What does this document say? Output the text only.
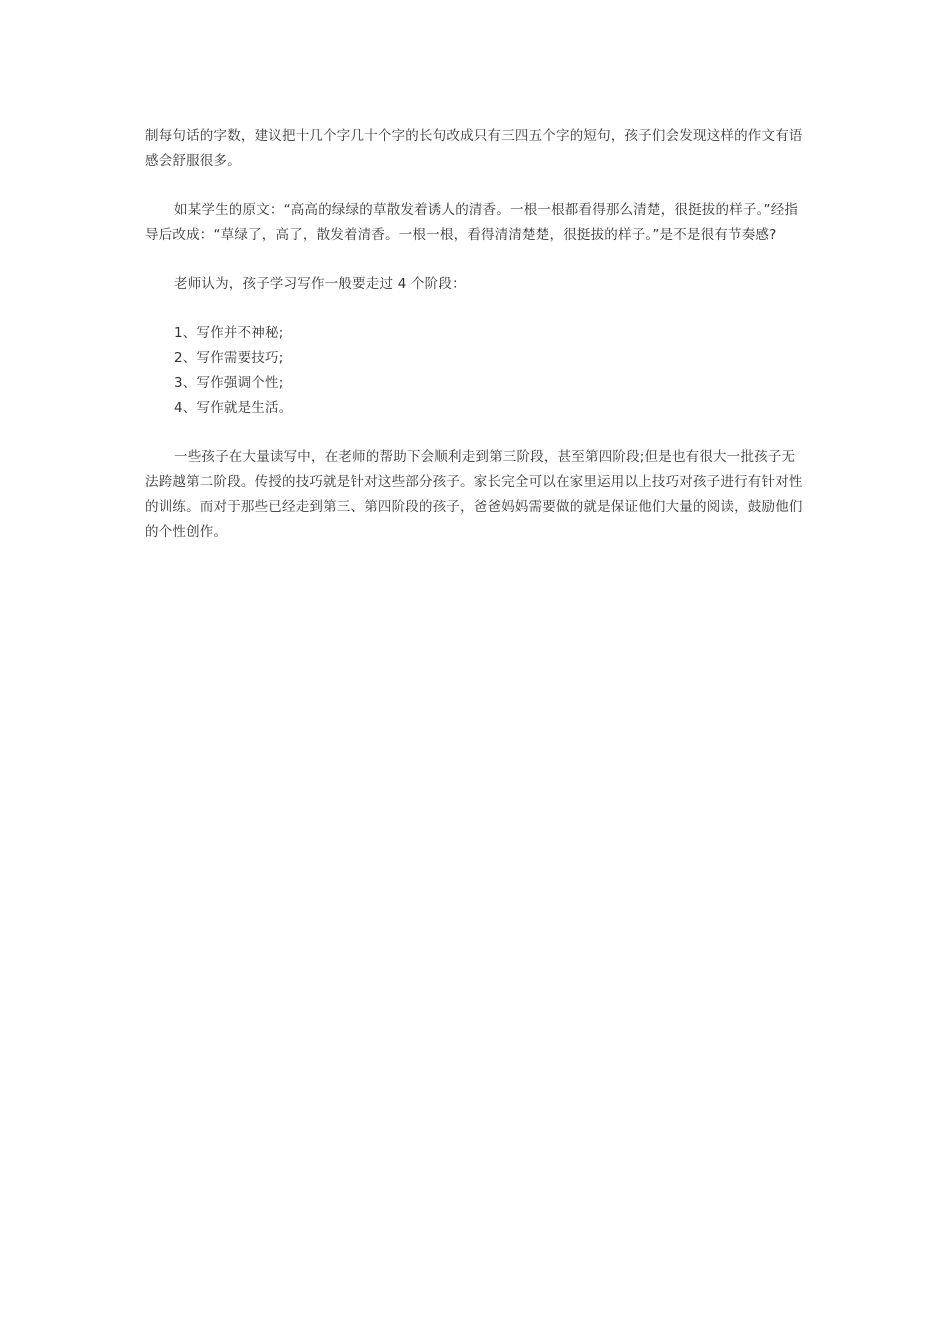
制每句话的字数，建议把十几个字几十个字的长句改成只有三四五个字的短句，孩子们会发现这样的作文有语感会舒服很多。

如某学生的原文：“高高的绿绿的草散发着诱人的清香。一根一根都看得那么清楚，很挺拔的样子。”经指导后改成：“草绿了，高了，散发着清香。一根一根，看得清清楚楚，很挺拔的样子。”是不是很有节奏感?

老师认为，孩子学习写作一般要走过 4 个阶段：

1、写作并不神秘;
2、写作需要技巧;
3、写作强调个性;
4、写作就是生活。

一些孩子在大量读写中，在老师的帮助下会顺利走到第三阶段，甚至第四阶段;但是也有很大一批孩子无法跨越第二阶段。传授的技巧就是针对这些部分孩子。家长完全可以在家里运用以上技巧对孩子进行有针对性的训练。而对于那些已经走到第三、第四阶段的孩子，爸爸妈妈需要做的就是保证他们大量的阅读，鼓励他们的个性创作。
